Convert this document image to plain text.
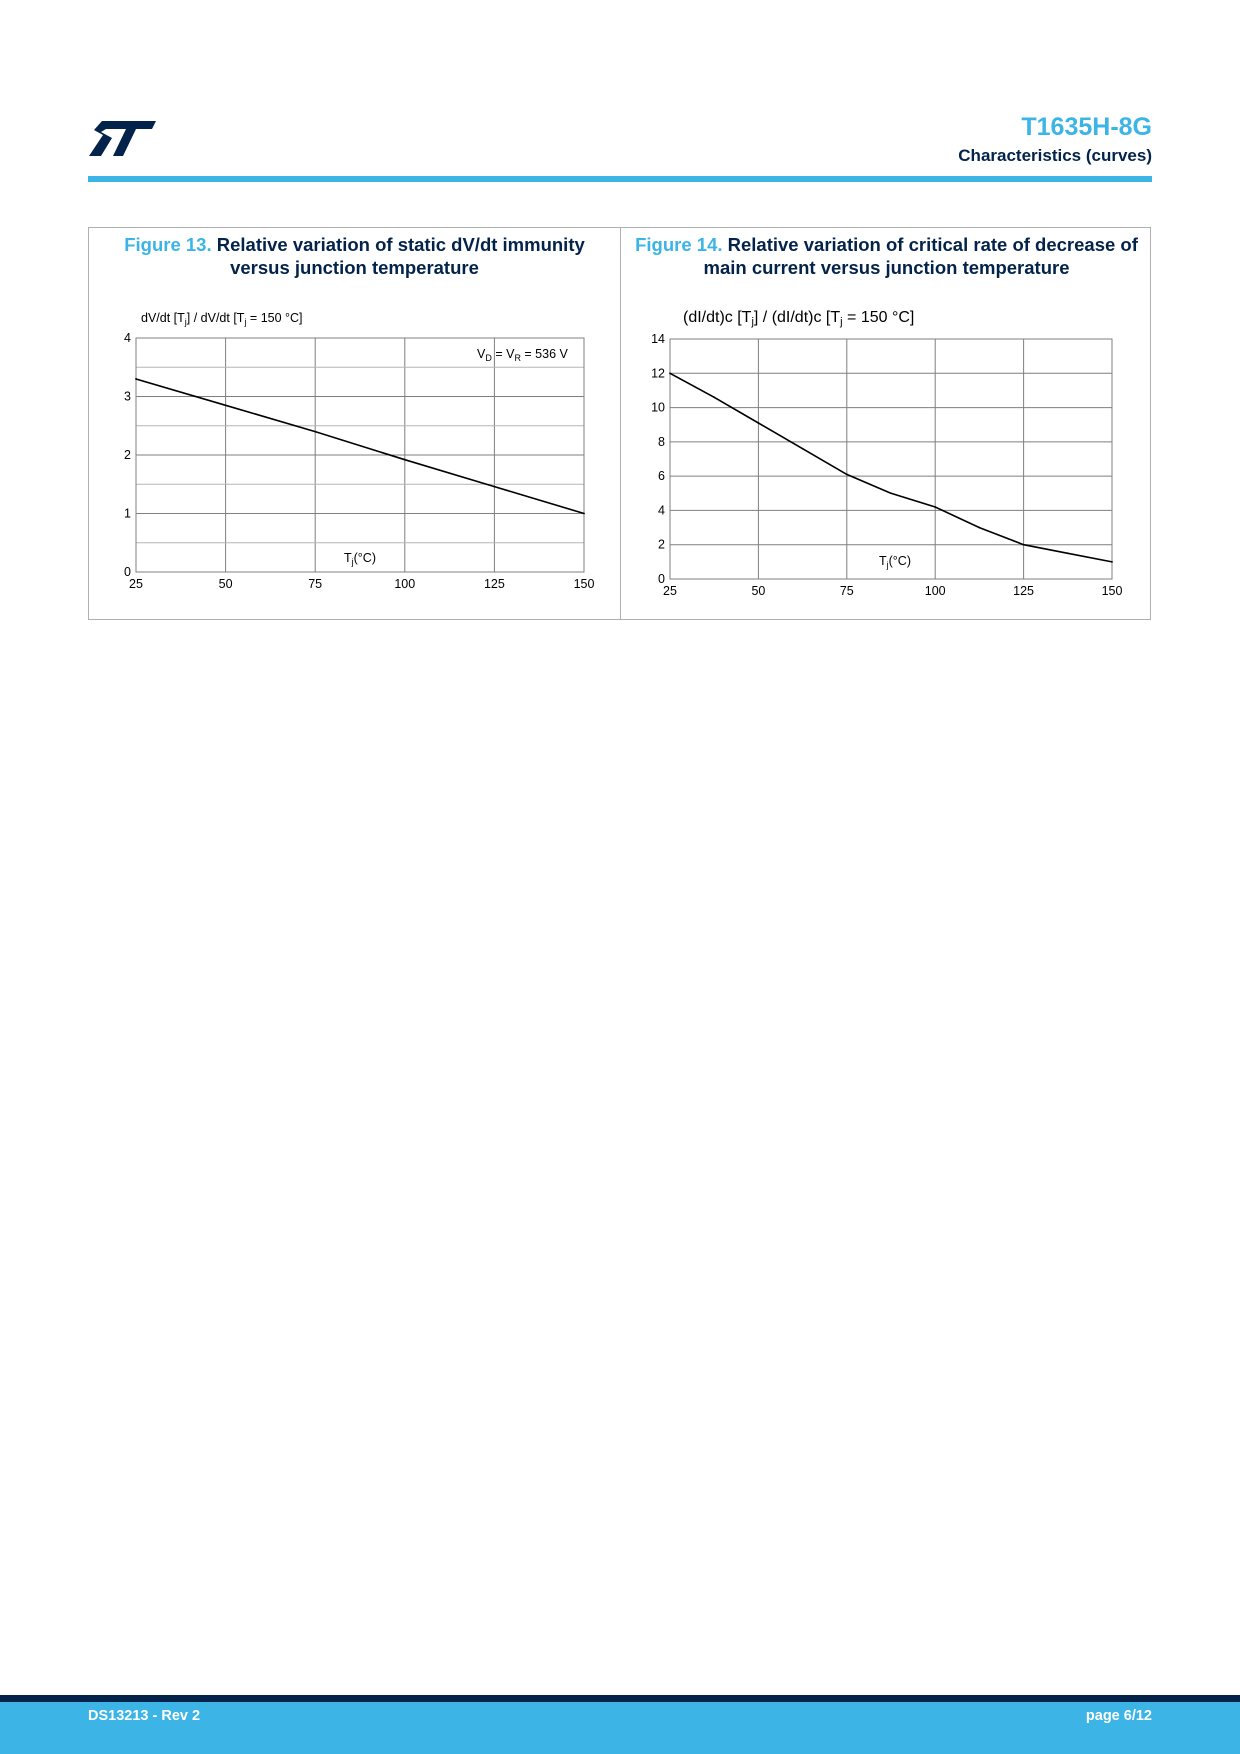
T1635H-8G
Characteristics (curves)
Figure 13. Relative variation of static dV/dt immunity
versus junction temperature
Figure 14. Relative variation of critical rate of decrease of
main current versus junction temperature
25	50	75	100	125	150
0
1
2
3
4
dV/dt $[T_j] / dV/dt$ [$T_j = 150$ °C]
$T_j(^\circ C)$
$V_D = V_R = 536$ V
25	50	75	100	125	150
0
2
4
6
8
10
12
14
(dI/dt)c [Tj] / (dI/dt)c [Tj = 150 °C]
$T_j(^\circ C)$
DS13213 - Rev 2	page 6/12
